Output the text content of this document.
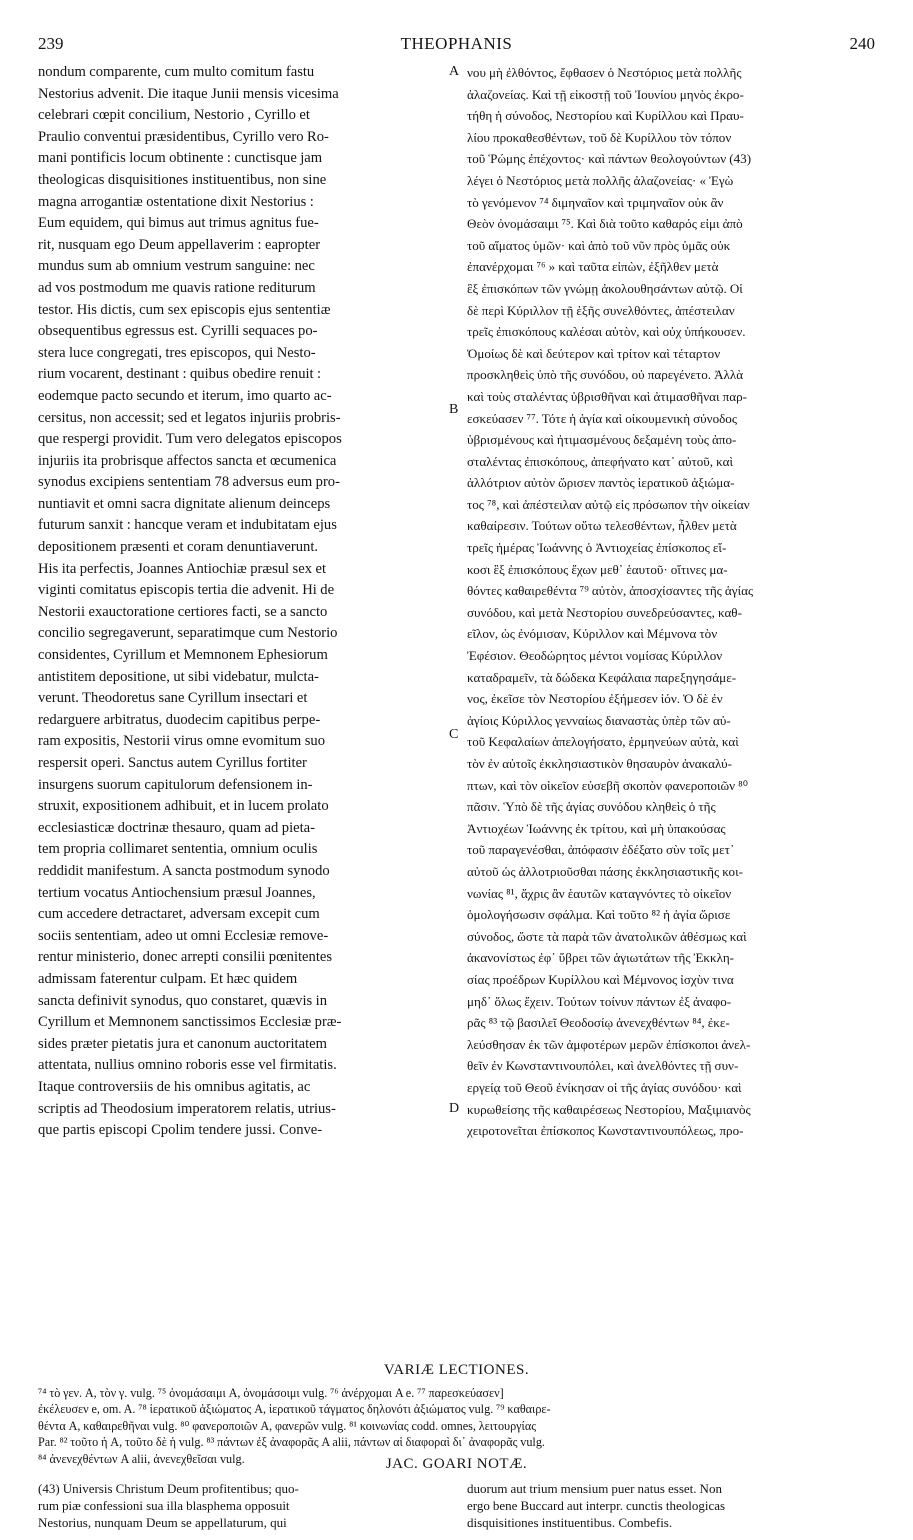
239	THEOPHANIS	240
nondum comparente, cum multo comitum fastu
Nestorius advenit. Die itaque Junii mensis vicesima
celebrari cœpit concilium, Nestorio , Cyrillo et
Praulio conventui præsidentibus, Cyrillo vero Ro-
mani pontificis locum obtinente : cunctisque jam
theologicas disquisitiones instituentibus, non sine
magna arrogantiæ ostentatione dixit Nestorius :
Eum equidem, qui bimus aut trimus agnitus fue-
rit, nusquam ego Deum appellaverim : eapropter
mundus sum ab omnium vestrum sanguine: nec
ad vos postmodum me quavis ratione rediturum
testor. His dictis, cum sex episcopis ejus sententiæ
obsequentibus egressus est. Cyrilli sequaces po-
stera luce congregati, tres episcopos, qui Nesto-
rium vocarent, destinant : quibus obedire renuit :
eodemque pacto secundo et iterum, imo quarto ac-
cersitus, non accessit; sed et legatos injuriis probris-
que respergi providit. Tum vero delegatos episcopos
injuriis ita probrisque affectos sancta et œcumenica
synodus excipiens sententiam 78 adversus eum pro-
nuntiavit et omni sacra dignitate alienum deinceps
futurum sanxit : hancque veram et indubitatam ejus
depositionem præsenti et coram denuntiaverunt.
His ita perfectis, Joannes Antiochiæ præsul sex et
viginti comitatus episcopis tertia die advenit. Hi de
Nestorii exauctoratione certiores facti, se a sancto
concilio segregaverunt, separatimque cum Nestorio
considentes, Cyrillum et Memnonem Ephesiorum
antistitem depositione, ut sibi videbatur, mulcta-
verunt. Theodoretus sane Cyrillum insectari et
redarguere arbitratus, duodecim capitibus perpe-
ram expositis, Nestorii virus omne evomitum suo
respersit operi. Sanctus autem Cyrillus fortiter
insurgens suorum capitulorum defensionem in-
struxit, expositionem adhibuit, et in lucem prolato
ecclesiasticæ doctrinæ thesauro, quam ad pieta-
tem propria collimaret sententia, omnium oculis
reddidit manifestum. A sancta postmodum synodo
tertium vocatus Antiochensium præsul Joannes,
cum accedere detractaret, adversam excepit cum
sociis sententiam, adeo ut omni Ecclesiæ remove-
rentur ministerio, donec arrepti consilii pœnitentes
admissam faterentur culpam. Et hæc quidem
sancta definivit synodus, quo constaret, quævis in
Cyrillum et Memnonem sanctissimos Ecclesiæ præ-
sides præter pietatis jura et canonum auctoritatem
attentata, nullius omnino roboris esse vel firmitatis.
Itaque controversiis de his omnibus agitatis, ac
scriptis ad Theodosium imperatorem relatis, utrius-
que partis episcopi Cpolim tendere jussi. Conve-
νου μὴ ἐλθόντος, ἔφθασεν ὁ Νεστόριος μετὰ πολλῆς
ἀλαζονείας. Καὶ τῇ εἰκοστῇ τοῦ Ἰουνίου μηνὸς ἐκρο-
τήθη ἡ σύνοδος, Νεστορίου καὶ Κυρίλλου καὶ Πραυ-
λίου προκαθεσθέντων, τοῦ δὲ Κυρίλλου τὸν τόπον
τοῦ Ῥώμης ἐπέχοντος· καὶ πάντων θεολογούντων (43)
λέγει ὁ Νεστόριος μετὰ πολλῆς ἀλαζονείας· « Ἐγὼ
τὸ γενόμενον ⁷⁴ διμηναῖον καὶ τριμηναῖον οὐκ ἂν
Θεὸν ὀνομάσαιμι ⁷⁵. Καὶ διὰ τοῦτο καθαρός εἰμι ἀπὸ
τοῦ αἵματος ὑμῶν· καὶ ἀπὸ τοῦ νῦν πρὸς ὑμᾶς οὐκ
ἐπανέρχομαι ⁷⁶ » καὶ ταῦτα εἰπὼν, ἐξῆλθεν μετὰ
ἓξ ἐπισκόπων τῶν γνώμῃ ἀκολουθησάντων αὐτῷ. Οἱ
δὲ περὶ Κύριλλον τῇ ἑξῆς συνελθόντες, ἀπέστειλαν
τρεῖς ἐπισκόπους καλέσαι αὐτὸν, καὶ οὐχ ὑπήκουσεν.
Ὁμοίως δὲ καὶ δεύτερον καὶ τρίτον καὶ τέταρτον
προσκληθεὶς ὑπὸ τῆς συνόδου, οὐ παρεγένετο. Ἀλλὰ
καὶ τοὺς σταλέντας ὑβρισθῆναι καὶ ἀτιμασθῆναι παρ-
εσκεύασεν ⁷⁷. Τότε ἡ ἁγία καὶ οἰκουμενικὴ σύνοδος
ὑβρισμένους καὶ ἠτιμασμένους δεξαμένη τοὺς ἀπο-
σταλέντας ἐπισκόπους, ἀπεφήνατο κατ᾽ αὐτοῦ, καὶ
ἀλλότριον αὐτὸν ὥρισεν παντὸς ἱερατικοῦ ἀξιώμα-
τος ⁷⁸, καὶ ἀπέστειλαν αὐτῷ εἰς πρόσωπον τὴν οἰκείαν
καθαίρεσιν. Τούτων οὕτω τελεσθέντων, ἦλθεν μετὰ
τρεῖς ἡμέρας Ἰωάννης ὁ Ἀντιοχείας ἐπίσκοπος εἴ-
κοσι ἓξ ἐπισκόπους ἔχων μεθ᾽ ἑαυτοῦ· οἵτινες μα-
θόντες καθαιρεθέντα ⁷⁹ αὐτὸν, ἀποσχίσαντες τῆς ἁγίας
συνόδου, καὶ μετὰ Νεστορίου συνεδρεύσαντες, καθ-
εῖλον, ὡς ἐνόμισαν, Κύριλλον καὶ Μέμνονα τὸν
Ἐφέσιον. Θεοδώρητος μέντοι νομίσας Κύριλλον
καταδραμεῖν, τὰ δώδεκα Κεφάλαια παρεξηγησάμε-
νος, ἐκεῖσε τὸν Νεστορίου ἐξήμεσεν ἰόν. Ὁ δὲ ἐν
ἁγίοις Κύριλλος γενναίως διαναστὰς ὑπὲρ τῶν αὐ-
τοῦ Κεφαλαίων ἀπελογήσατο, ἑρμηνεύων αὐτὰ, καὶ
τὸν ἐν αὐτοῖς ἐκκλησιαστικὸν θησαυρὸν ἀνακαλύ-
πτων, καὶ τὸν οἰκεῖον εὐσεβῆ σκοπὸν φανεροποιῶν ⁸⁰
πᾶσιν. Ὑπὸ δὲ τῆς ἁγίας συνόδου κληθεὶς ὁ τῆς
Ἀντιοχέων Ἰωάννης ἐκ τρίτου, καὶ μὴ ὑπακούσας
τοῦ παραγενέσθαι, ἀπόφασιν ἐδέξατο σὺν τοῖς μετ᾽
αὐτοῦ ὡς ἀλλοτριοῦσθαι πάσης ἐκκλησιαστικῆς κοι-
νωνίας ⁸¹, ἄχρις ἂν ἑαυτῶν καταγνόντες τὸ οἰκεῖον
ὁμολογήσωσιν σφάλμα. Καὶ τοῦτο ⁸² ἡ ἁγία ὥρισε
σύνοδος, ὥστε τὰ παρὰ τῶν ἀνατολικῶν ἀθέσμως καὶ
ἀκανονίστως ἐφ᾽ ὕβρει τῶν ἁγιωτάτων τῆς Ἐκκλη-
σίας προέδρων Κυρίλλου καὶ Μέμνονος ἰσχὺν τινα
μηδ᾽ ὅλως ἔχειν. Τούτων τοίνυν πάντων ἐξ ἀναφο-
ρᾶς ⁸³ τῷ βασιλεῖ Θεοδοσίῳ ἀνενεχθέντων ⁸⁴, ἐκε-
λεύσθησαν ἐκ τῶν ἀμφοτέρων μερῶν ἐπίσκοποι ἀνελ-
θεῖν ἐν Κωνσταντινουπόλει, καὶ ἀνελθόντες τῇ συν-
εργείᾳ τοῦ Θεοῦ ἐνίκησαν οἱ τῆς ἁγίας συνόδου· καὶ
κυρωθείσης τῆς καθαιρέσεως Νεστορίου, Μαξιμιανὸς
χειροτονεῖται ἐπίσκοπος Κωνσταντινουπόλεως, προ-
A
B
C
D
VARIÆ LECTIONES.
⁷⁴ τὸ γεν. A, τὸν γ. vulg. ⁷⁵ ὀνομάσαιμι A, ὀνομάσοιμι vulg. ⁷⁶ ἀνέρχομαι A e. ⁷⁷ παρεσκεύασεν]
ἐκέλευσεν e, om. A. ⁷⁸ ἱερατικοῦ ἀξιώματος A, ἱερατικοῦ τάγματος δηλονότι ἀξιώματος vulg. ⁷⁹ καθαιρε-
θέντα A, καθαιρεθῆναι vulg. ⁸⁰ φανεροποιῶν A, φανερῶν vulg. ⁸¹ κοινωνίας codd. omnes, λειτουργίας
Par. ⁸² τοῦτο ἡ A, τοῦτο δὲ ἡ vulg. ⁸³ πάντων ἐξ ἀναφορᾶς A alii, πάντων αἱ διαφοραὶ δι᾽ ἀναφορᾶς vulg.
⁸⁴ ἀνενεχθέντων A alii, ἀνενεχθεῖσαι vulg.	JAC. GOARI NOTÆ.
(43) Universis Christum Deum profitentibus; quo-
rum piæ confessioni sua illa blasphema opposuit
Nestorius, nunquam Deum se appellaturum, qui
duorum aut trium mensium puer natus esset. Non
ergo bene Buccard aut interpr. cunctis theologicas
disquisitiones instituentibus. Combefis.
